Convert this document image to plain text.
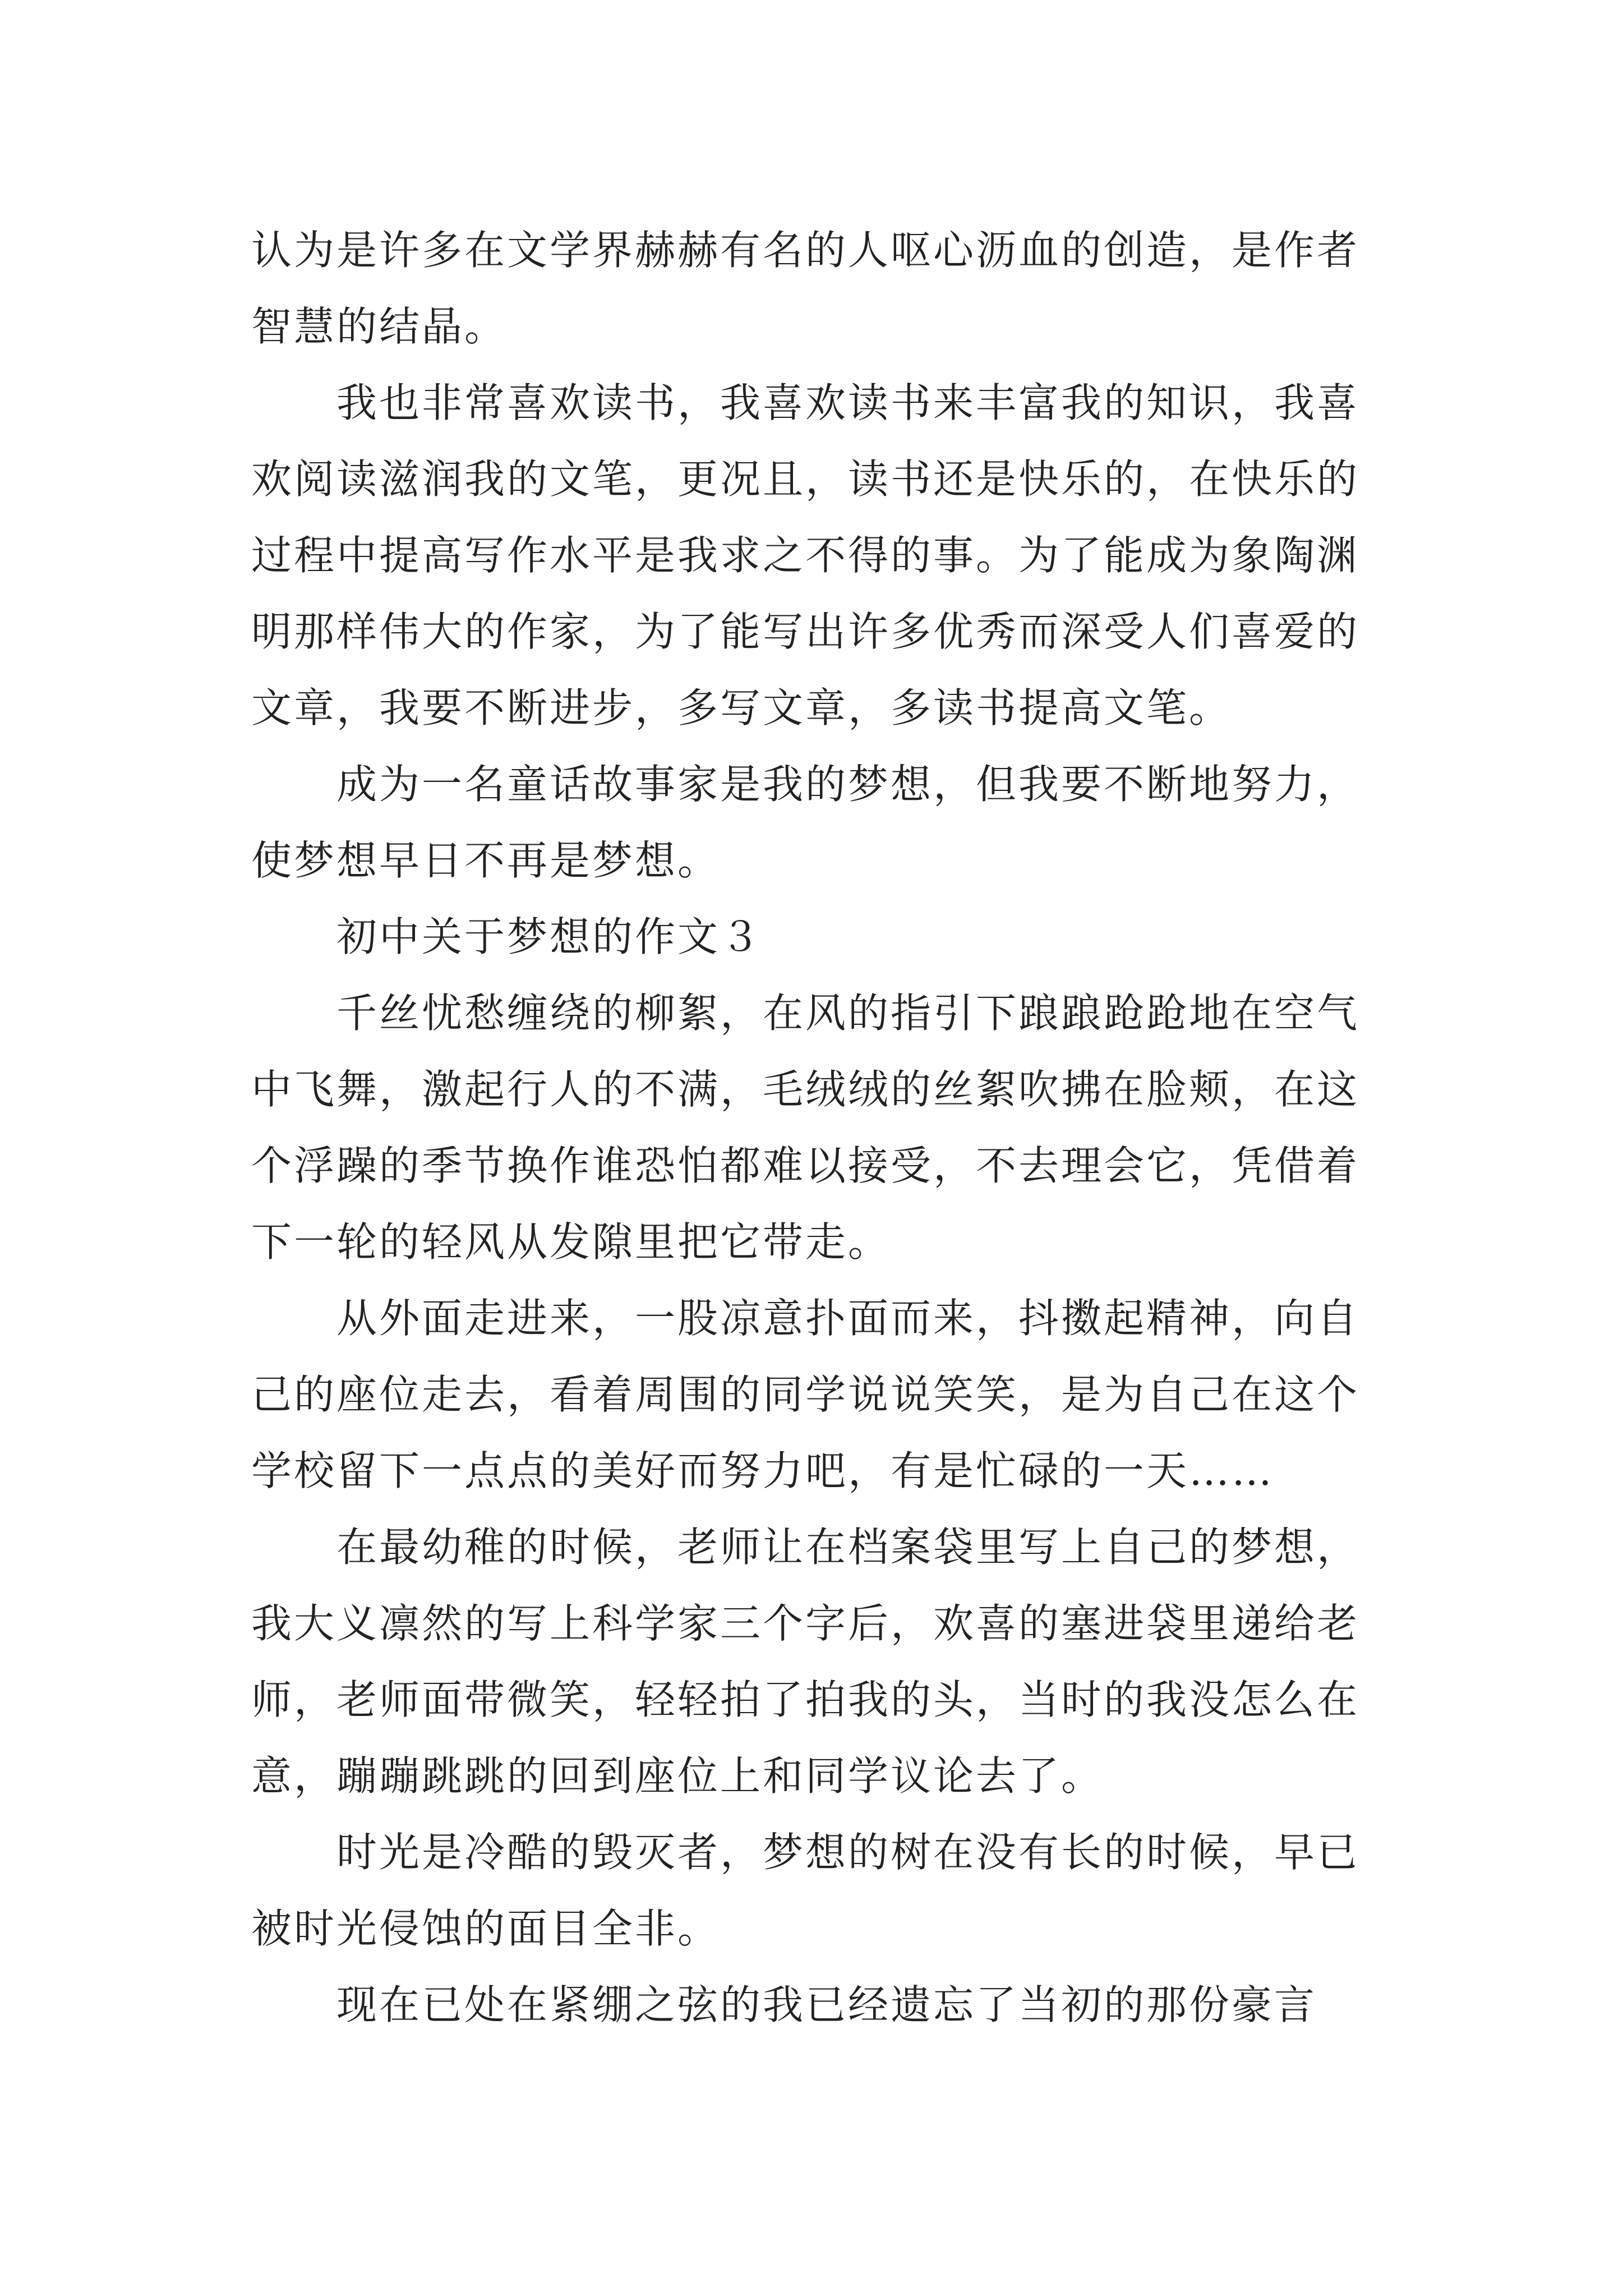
认为是许多在文学界赫赫有名的人呕心沥血的创造，是作者
智慧的结晶。

我也非常喜欢读书，我喜欢读书来丰富我的知识，我喜
欢阅读滋润我的文笔，更况且，读书还是快乐的，在快乐的
过程中提高写作水平是我求之不得的事。为了能成为象陶渊
明那样伟大的作家，为了能写出许多优秀而深受人们喜爱的
文章，我要不断进步，多写文章，多读书提高文笔。

成为一名童话故事家是我的梦想，但我要不断地努力，
使梦想早日不再是梦想。

初中关于梦想的作文３

千丝忧愁缠绕的柳絮，在风的指引下踉踉跄跄地在空气
中飞舞，激起行人的不满，毛绒绒的丝絮吹拂在脸颊，在这
个浮躁的季节换作谁恐怕都难以接受，不去理会它，凭借着
下一轮的轻风从发隙里把它带走。

从外面走进来，一股凉意扑面而来，抖擞起精神，向自
己的座位走去，看着周围的同学说说笑笑，是为自己在这个
学校留下一点点的美好而努力吧，有是忙碌的一天……

在最幼稚的时候，老师让在档案袋里写上自己的梦想，
我大义凛然的写上科学家三个字后，欢喜的塞进袋里递给老
师，老师面带微笑，轻轻拍了拍我的头，当时的我没怎么在
意，蹦蹦跳跳的回到座位上和同学议论去了。

时光是冷酷的毁灭者，梦想的树在没有长的时候，早已
被时光侵蚀的面目全非。

现在已处在紧绷之弦的我已经遗忘了当初的那份豪言
